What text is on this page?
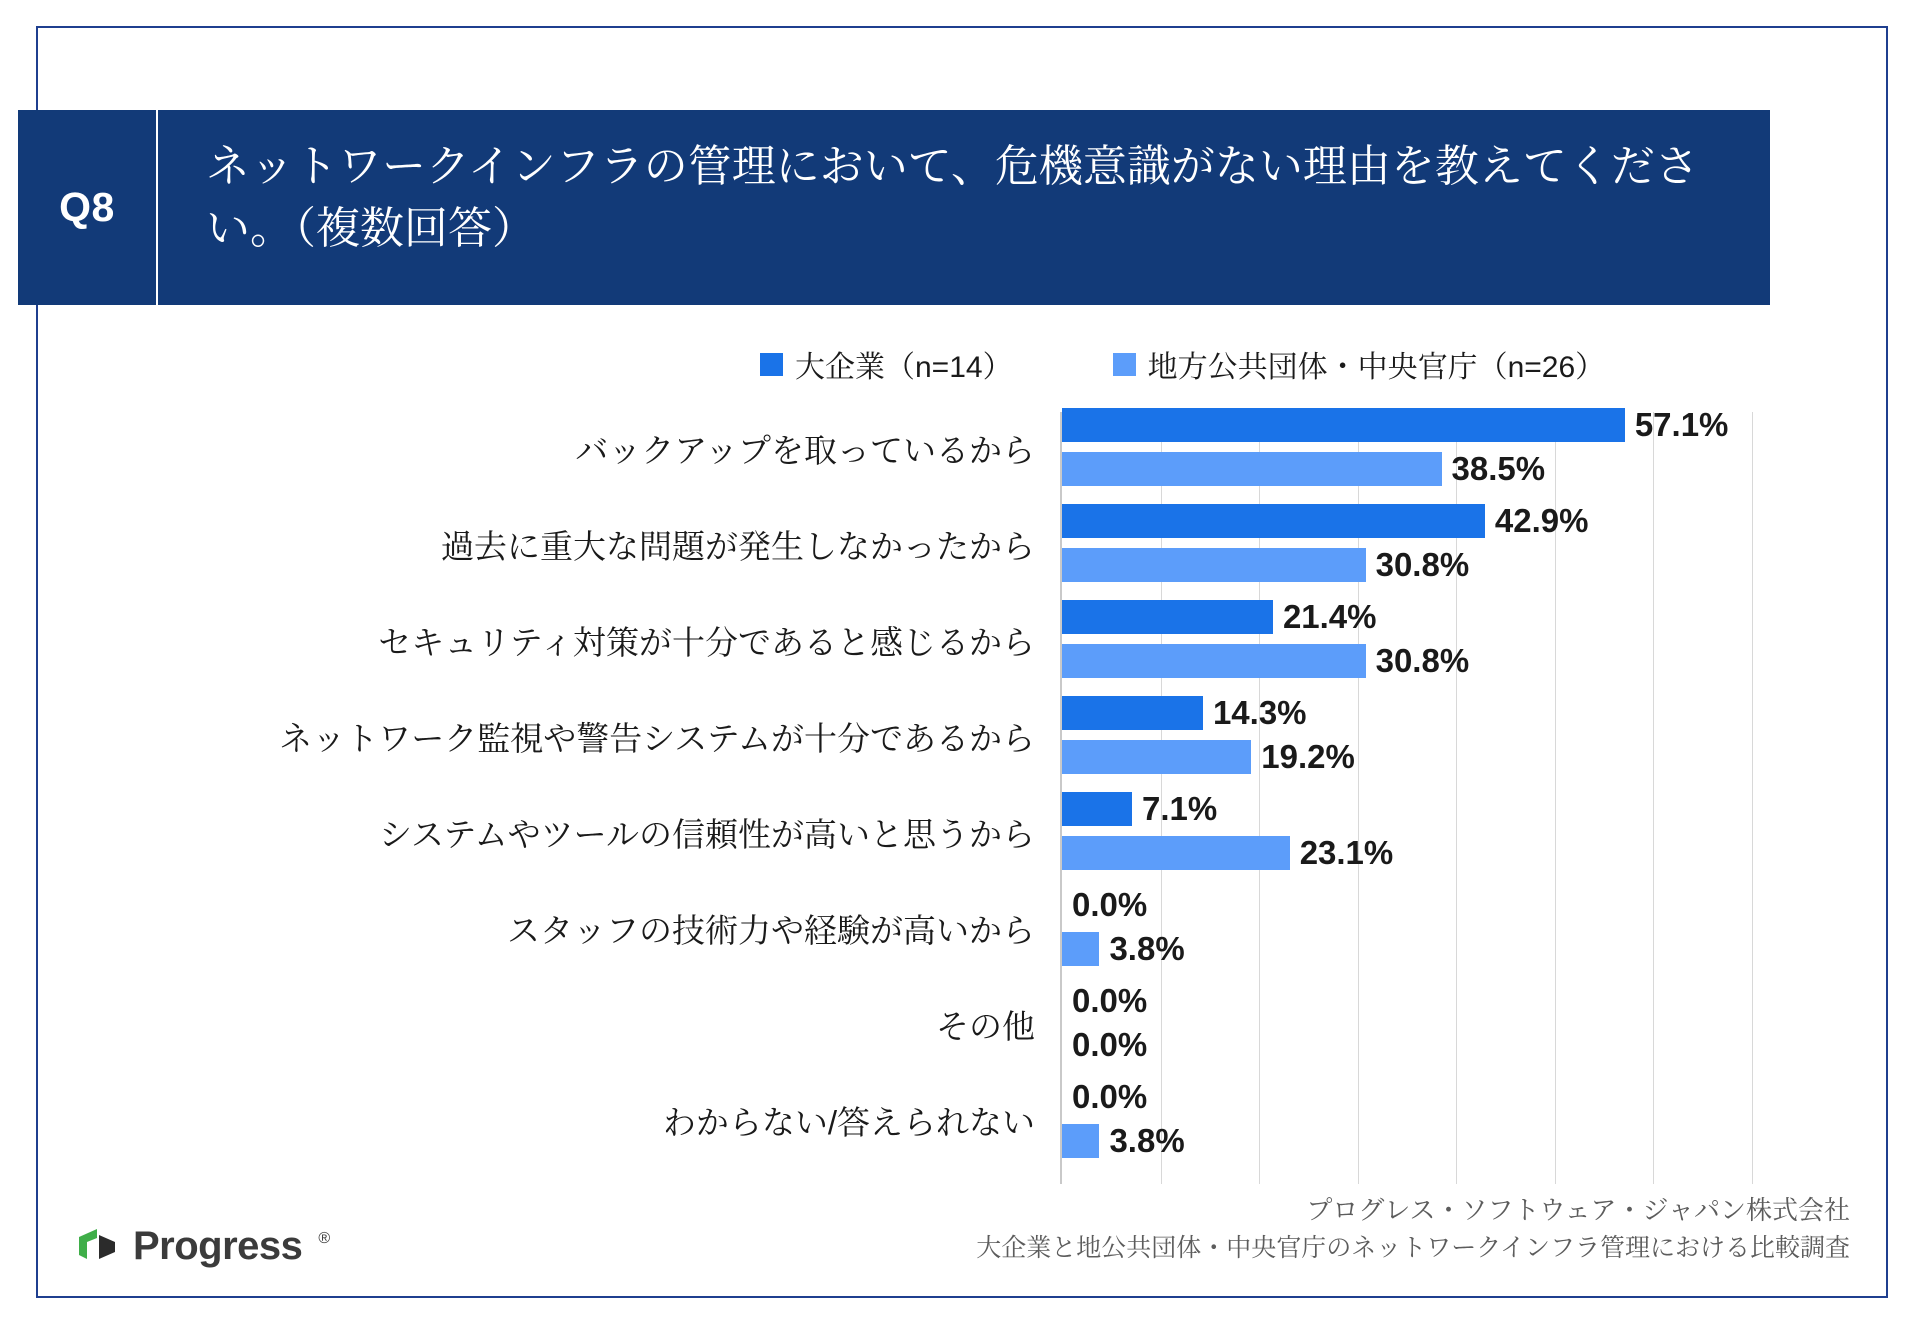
Q8
ネットワークインフラの管理において、危機意識がない理由を教えてください。（複数回答）
大企業（n=14）	地方公共団体・中央官庁（n=26）
バックアップを取っているから
57.1%
38.5%
過去に重大な問題が発生しなかったから
42.9%
30.8%
セキュリティ対策が十分であると感じるから
21.4%
30.8%
ネットワーク監視や警告システムが十分であるから
14.3%
19.2%
システムやツールの信頼性が高いと思うから
7.1%
23.1%
スタッフの技術力や経験が高いから
0.0%
3.8%
その他
0.0%
0.0%
わからない/答えられない
0.0%
3.8%
Progress ®
プログレス・ソフトウェア・ジャパン株式会社
大企業と地公共団体・中央官庁のネットワークインフラ管理における比較調査
